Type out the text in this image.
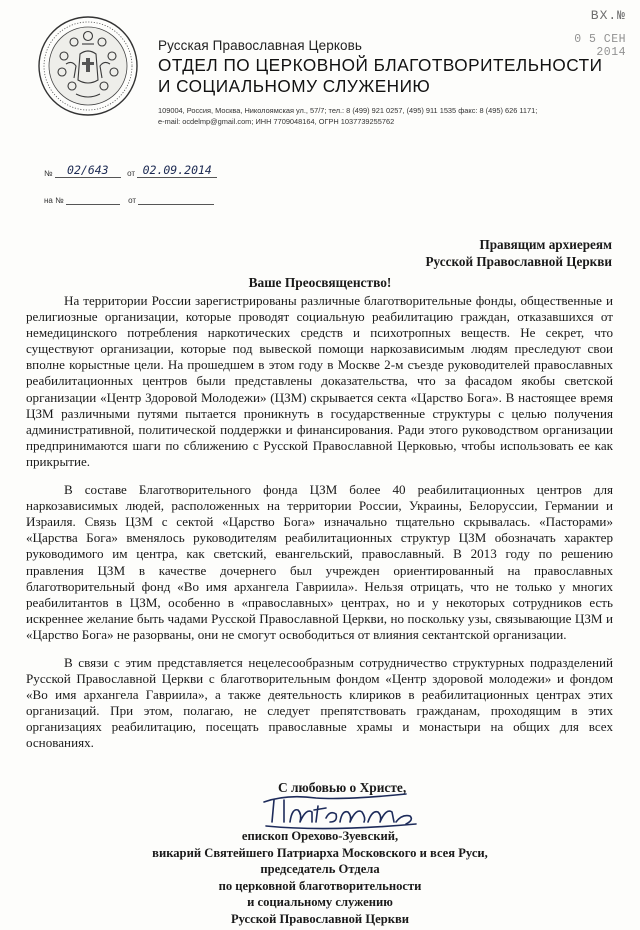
Русская Православная Церковь
ОТДЕЛ ПО ЦЕРКОВНОЙ БЛАГОТВОРИТЕЛЬНОСТИ
И СОЦИАЛЬНОМУ СЛУЖЕНИЮ
109004, Россия, Москва, Николоямская ул., 57/7; тел.: 8 (499) 921 0257, (495) 911 1535 факс: 8 (495) 626 1171;
e-mail: ocdelmp@gmail.com; ИНН 7709048164, ОГРН 1037739255762
ВХ.№
0 5 СЕН 2014
№ 02/643 от 02.09.2014
на №	от
Правящим архиереям
Русской Православной Церкви
Ваше Преосвященство!

На территории России зарегистрированы различные благотворительные фонды, общественные и религиозные организации, которые проводят социальную реабилитацию граждан, отказавшихся от немедицинского потребления наркотических средств и психотропных веществ. Не секрет, что существуют организации, которые под вывеской помощи наркозависимым людям преследуют свои вполне корыстные цели. На прошедшем в этом году в Москве 2-м съезде руководителей православных реабилитационных центров были представлены доказательства, что за фасадом якобы светской организации «Центр Здоровой Молодежи» (ЦЗМ) скрывается секта «Царство Бога». В настоящее время ЦЗМ различными путями пытается проникнуть в государственные структуры с целью получения административной, политической поддержки и финансирования. Ради этого руководством организации предпринимаются шаги по сближению с Русской Православной Церковью, чтобы использовать ее как прикрытие.

В составе Благотворительного фонда ЦЗМ более 40 реабилитационных центров для наркозависимых людей, расположенных на территории России, Украины, Белоруссии, Германии и Израиля. Связь ЦЗМ с сектой «Царство Бога» изначально тщательно скрывалась. «Пасторами» «Царства Бога» вменялось руководителям реабилитационных структур ЦЗМ обозначать характер руководимого им центра, как светский, евангельский, православный. В 2013 году по решению правления ЦЗМ в качестве дочернего был учрежден ориентированный на православных благотворительный фонд «Во имя архангела Гавриила». Нельзя отрицать, что не только у многих реабилитантов в ЦЗМ, особенно в «православных» центрах, но и у некоторых сотрудников есть искреннее желание быть чадами Русской Православной Церкви, но поскольку узы, связывающие ЦЗМ и «Царство Бога» не разорваны, они не смогут освободиться от влияния сектантской организации.

В связи с этим представляется нецелесообразным сотрудничество структурных подразделений Русской Православной Церкви с благотворительным фондом «Центр здоровой молодежи» и фондом «Во имя архангела Гавриила», а также деятельность клириков в реабилитационных центрах этих организаций. При этом, полагаю, не следует препятствовать гражданам, проходящим в этих организациях реабилитацию, посещать православные храмы и монастыри на общих для всех основаниях.

С любовью о Христе,
епископ Орехово-Зуевский,
викарий Святейшего Патриарха Московского и всея Руси,
председатель Отдела
по церковной благотворительности
и социальному служению
Русской Православной Церкви
